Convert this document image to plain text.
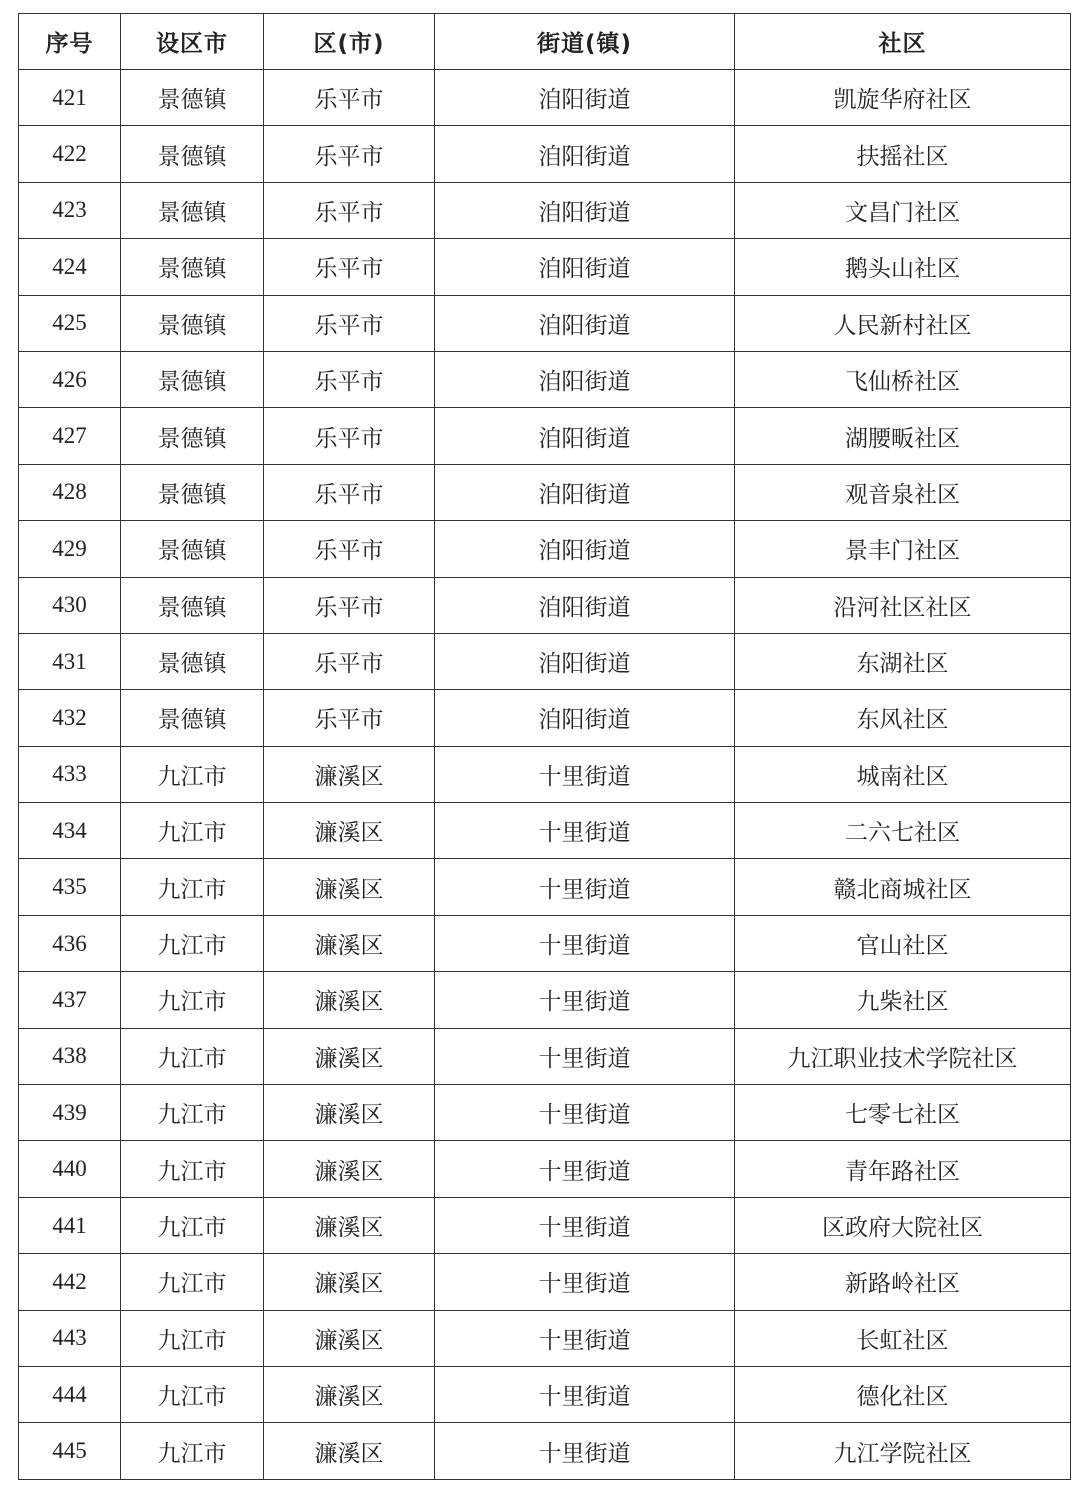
序号	设区市	区(市)	街道(镇)	社区
421	景德镇	乐平市	洎阳街道	凯旋华府社区
422	景德镇	乐平市	洎阳街道	扶摇社区
423	景德镇	乐平市	洎阳街道	文昌门社区
424	景德镇	乐平市	洎阳街道	鹅头山社区
425	景德镇	乐平市	洎阳街道	人民新村社区
426	景德镇	乐平市	洎阳街道	飞仙桥社区
427	景德镇	乐平市	洎阳街道	湖腰畈社区
428	景德镇	乐平市	洎阳街道	观音泉社区
429	景德镇	乐平市	洎阳街道	景丰门社区
430	景德镇	乐平市	洎阳街道	沿河社区社区
431	景德镇	乐平市	洎阳街道	东湖社区
432	景德镇	乐平市	洎阳街道	东风社区
433	九江市	濂溪区	十里街道	城南社区
434	九江市	濂溪区	十里街道	二六七社区
435	九江市	濂溪区	十里街道	赣北商城社区
436	九江市	濂溪区	十里街道	官山社区
437	九江市	濂溪区	十里街道	九柴社区
438	九江市	濂溪区	十里街道	九江职业技术学院社区
439	九江市	濂溪区	十里街道	七零七社区
440	九江市	濂溪区	十里街道	青年路社区
441	九江市	濂溪区	十里街道	区政府大院社区
442	九江市	濂溪区	十里街道	新路岭社区
443	九江市	濂溪区	十里街道	长虹社区
444	九江市	濂溪区	十里街道	德化社区
445	九江市	濂溪区	十里街道	九江学院社区
